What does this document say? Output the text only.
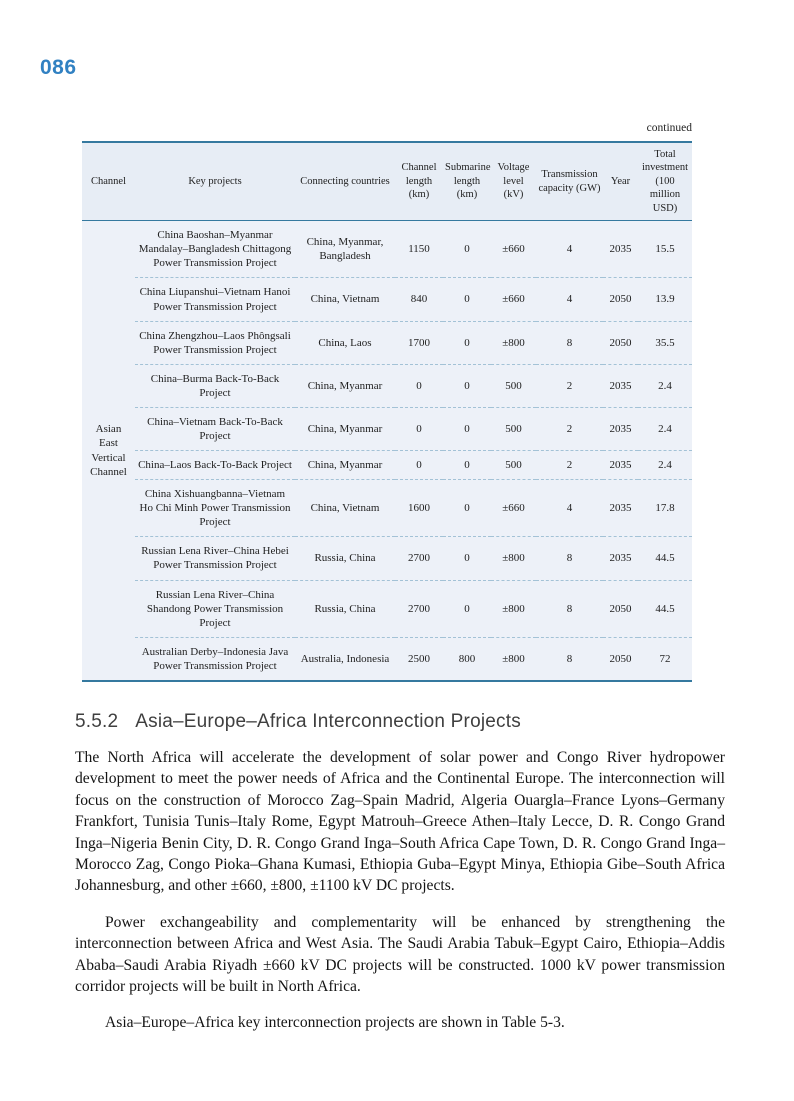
086
continued
Channel	Key projects	Connecting countries	Channel length (km)	Submarine length (km)	Voltage level (kV)	Transmission capacity (GW)	Year	Total investment (100 million USD)
Asian East Vertical Channel	China Baoshan–Myanmar Mandalay–Bangladesh Chittagong Power Transmission Project	China, Myanmar, Bangladesh	1150	0	±660	4	2035	15.5
	China Liupanshui–Vietnam Hanoi Power Transmission Project	China, Vietnam	840	0	±660	4	2050	13.9
	China Zhengzhou–Laos Phôngsali Power Transmission Project	China, Laos	1700	0	±800	8	2050	35.5
	China–Burma Back-To-Back Project	China, Myanmar	0	0	500	2	2035	2.4
	China–Vietnam Back-To-Back Project	China, Myanmar	0	0	500	2	2035	2.4
	China–Laos Back-To-Back Project	China, Myanmar	0	0	500	2	2035	2.4
	China Xishuangbanna–Vietnam Ho Chi Minh Power Transmission Project	China, Vietnam	1600	0	±660	4	2035	17.8
	Russian Lena River–China Hebei Power Transmission Project	Russia, China	2700	0	±800	8	2035	44.5
	Russian Lena River–China Shandong Power Transmission Project	Russia, China	2700	0	±800	8	2050	44.5
	Australian Derby–Indonesia Java Power Transmission Project	Australia, Indonesia	2500	800	±800	8	2050	72
5.5.2 Asia–Europe–Africa Interconnection Projects

The North Africa will accelerate the development of solar power and Congo River hydropower development to meet the power needs of Africa and the Continental Europe. The interconnection will focus on the construction of Morocco Zag–Spain Madrid, Algeria Ouargla–France Lyons–Germany Frankfort, Tunisia Tunis–Italy Rome, Egypt Matrouh–Greece Athen–Italy Lecce, D. R. Congo Grand Inga–Nigeria Benin City, D. R. Congo Grand Inga–South Africa Cape Town, D. R. Congo Grand Inga–Morocco Zag, Congo Pioka–Ghana Kumasi, Ethiopia Guba–Egypt Minya, Ethiopia Gibe–South Africa Johannesburg, and other ±660, ±800, ±1100 kV DC projects.

Power exchangeability and complementarity will be enhanced by strengthening the interconnection between Africa and West Asia. The Saudi Arabia Tabuk–Egypt Cairo, Ethiopia–Addis Ababa–Saudi Arabia Riyadh ±660 kV DC projects will be constructed. 1000 kV power transmission corridor projects will be built in North Africa.

Asia–Europe–Africa key interconnection projects are shown in Table 5-3.
